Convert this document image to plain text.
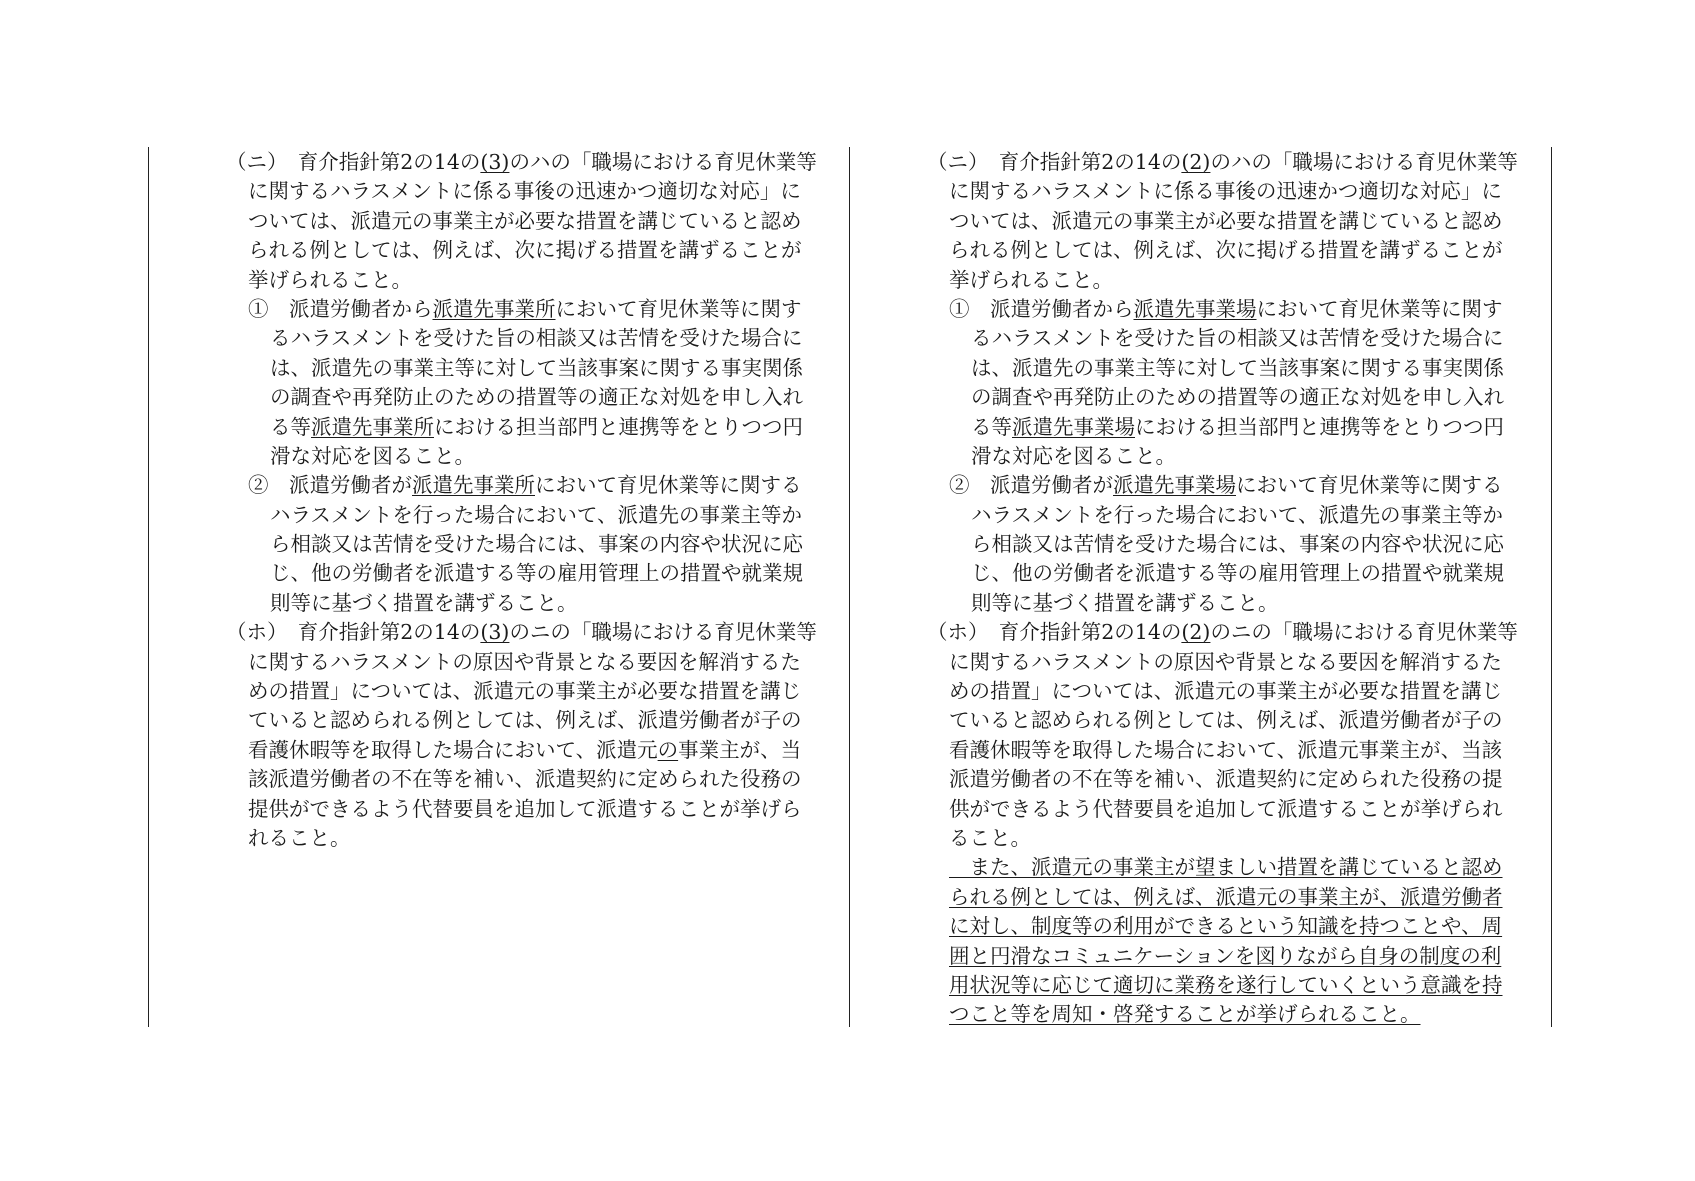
（ニ）　育介指針第2の14の(3)のハの「職場における育児休業等
に関するハラスメントに係る事後の迅速かつ適切な対応」に
ついては、派遣元の事業主が必要な措置を講じていると認め
られる例としては、例えば、次に掲げる措置を講ずることが
挙げられること。
①　派遣労働者から派遣先事業所において育児休業等に関す
るハラスメントを受けた旨の相談又は苦情を受けた場合に
は、派遣先の事業主等に対して当該事案に関する事実関係
の調査や再発防止のための措置等の適正な対処を申し入れ
る等派遣先事業所における担当部門と連携等をとりつつ円
滑な対応を図ること。
②　派遣労働者が派遣先事業所において育児休業等に関する
ハラスメントを行った場合において、派遣先の事業主等か
ら相談又は苦情を受けた場合には、事案の内容や状況に応
じ、他の労働者を派遣する等の雇用管理上の措置や就業規
則等に基づく措置を講ずること。
（ホ）　育介指針第2の14の(3)のニの「職場における育児休業等
に関するハラスメントの原因や背景となる要因を解消するた
めの措置」については、派遣元の事業主が必要な措置を講じ
ていると認められる例としては、例えば、派遣労働者が子の
看護休暇等を取得した場合において、派遣元の事業主が、当
該派遣労働者の不在等を補い、派遣契約に定められた役務の
提供ができるよう代替要員を追加して派遣することが挙げら
れること。
（ニ）　育介指針第2の14の(2)のハの「職場における育児休業等
に関するハラスメントに係る事後の迅速かつ適切な対応」に
ついては、派遣元の事業主が必要な措置を講じていると認め
られる例としては、例えば、次に掲げる措置を講ずることが
挙げられること。
①　派遣労働者から派遣先事業場において育児休業等に関す
るハラスメントを受けた旨の相談又は苦情を受けた場合に
は、派遣先の事業主等に対して当該事案に関する事実関係
の調査や再発防止のための措置等の適正な対処を申し入れ
る等派遣先事業場における担当部門と連携等をとりつつ円
滑な対応を図ること。
②　派遣労働者が派遣先事業場において育児休業等に関する
ハラスメントを行った場合において、派遣先の事業主等か
ら相談又は苦情を受けた場合には、事案の内容や状況に応
じ、他の労働者を派遣する等の雇用管理上の措置や就業規
則等に基づく措置を講ずること。
（ホ）　育介指針第2の14の(2)のニの「職場における育児休業等
に関するハラスメントの原因や背景となる要因を解消するた
めの措置」については、派遣元の事業主が必要な措置を講じ
ていると認められる例としては、例えば、派遣労働者が子の
看護休暇等を取得した場合において、派遣元事業主が、当該
派遣労働者の不在等を補い、派遣契約に定められた役務の提
供ができるよう代替要員を追加して派遣することが挙げられ
ること。
　また、派遣元の事業主が望ましい措置を講じていると認め
られる例としては、例えば、派遣元の事業主が、派遣労働者
に対し、制度等の利用ができるという知識を持つことや、周
囲と円滑なコミュニケーションを図りながら自身の制度の利
用状況等に応じて適切に業務を遂行していくという意識を持
つこと等を周知・啓発することが挙げられること。
